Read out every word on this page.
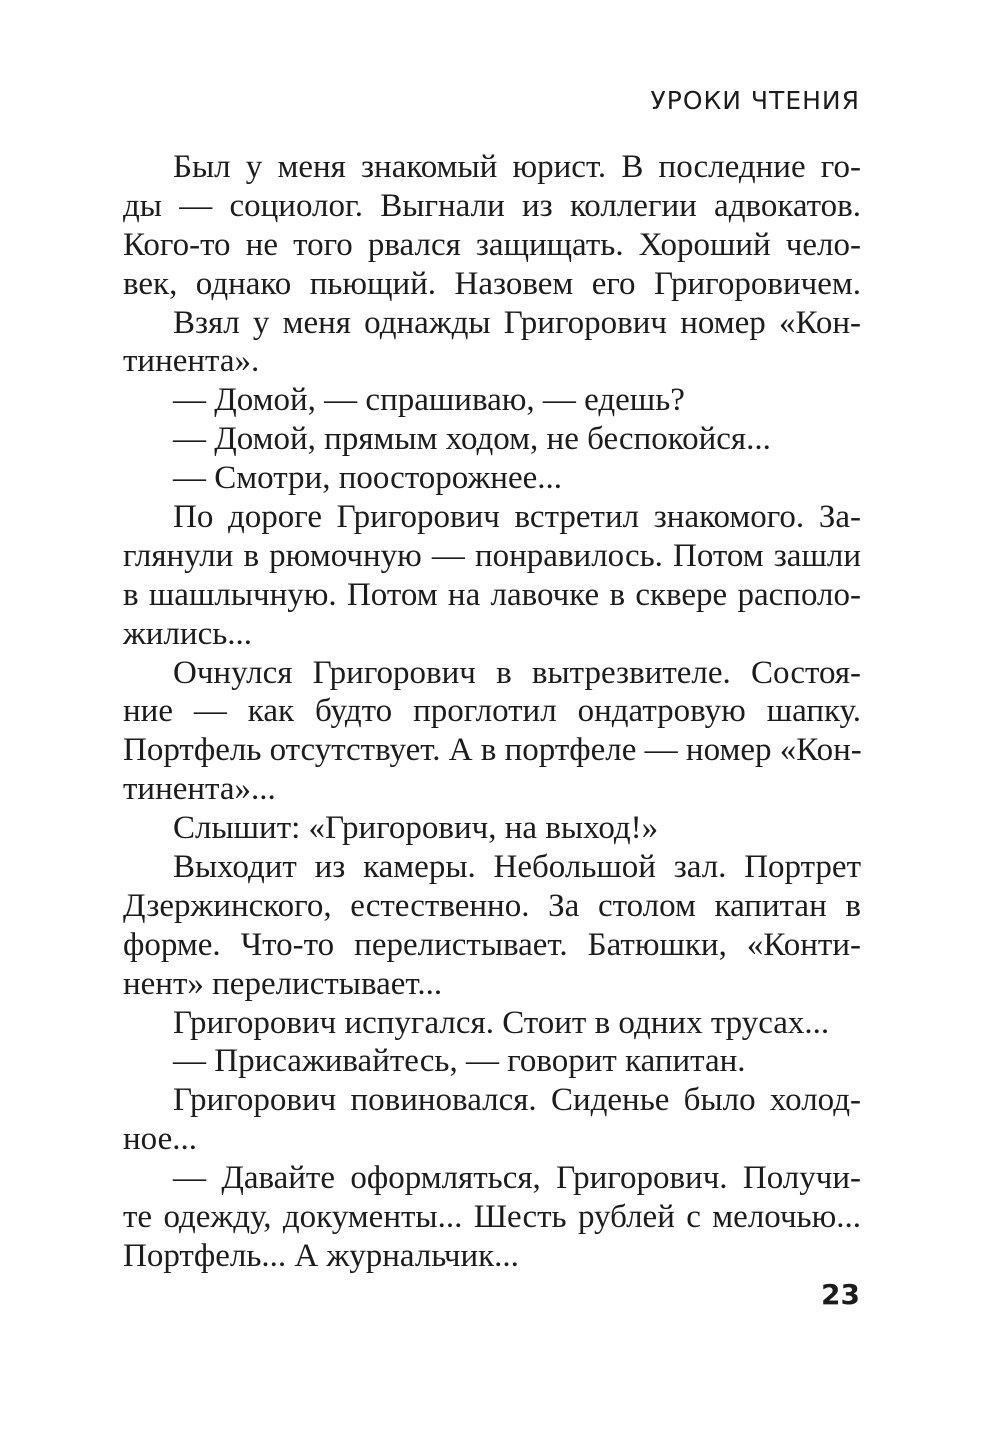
УРОКИ ЧТЕНИЯ
Был у меня знакомый юрист. В последние го-
ды — социолог. Выгнали из коллегии адвокатов.
Кого-то не того рвался защищать. Хороший чело-
век, однако пьющий. Назовем его Григоровичем.
Взял у меня однажды Григорович номер «Кон-
тинента».
— Домой, — спрашиваю, — едешь?
— Домой, прямым ходом, не беспокойся...
— Смотри, поосторожнее...
По дороге Григорович встретил знакомого. За-
глянули в рюмочную — понравилось. Потом зашли
в шашлычную. Потом на лавочке в сквере располо-
жились...
Очнулся Григорович в вытрезвителе. Состоя-
ние — как будто проглотил ондатровую шапку.
Портфель отсутствует. А в портфеле — номер «Кон-
тинента»...
Слышит: «Григорович, на выход!»
Выходит из камеры. Небольшой зал. Портрет
Дзержинского, естественно. За столом капитан в
форме. Что-то перелистывает. Батюшки, «Конти-
нент» перелистывает...
Григорович испугался. Стоит в одних трусах...
— Присаживайтесь, — говорит капитан.
Григорович повиновался. Сиденье было холод-
ное...
— Давайте оформляться, Григорович. Получи-
те одежду, документы... Шесть рублей с мелочью...
Портфель... А журнальчик...
23
